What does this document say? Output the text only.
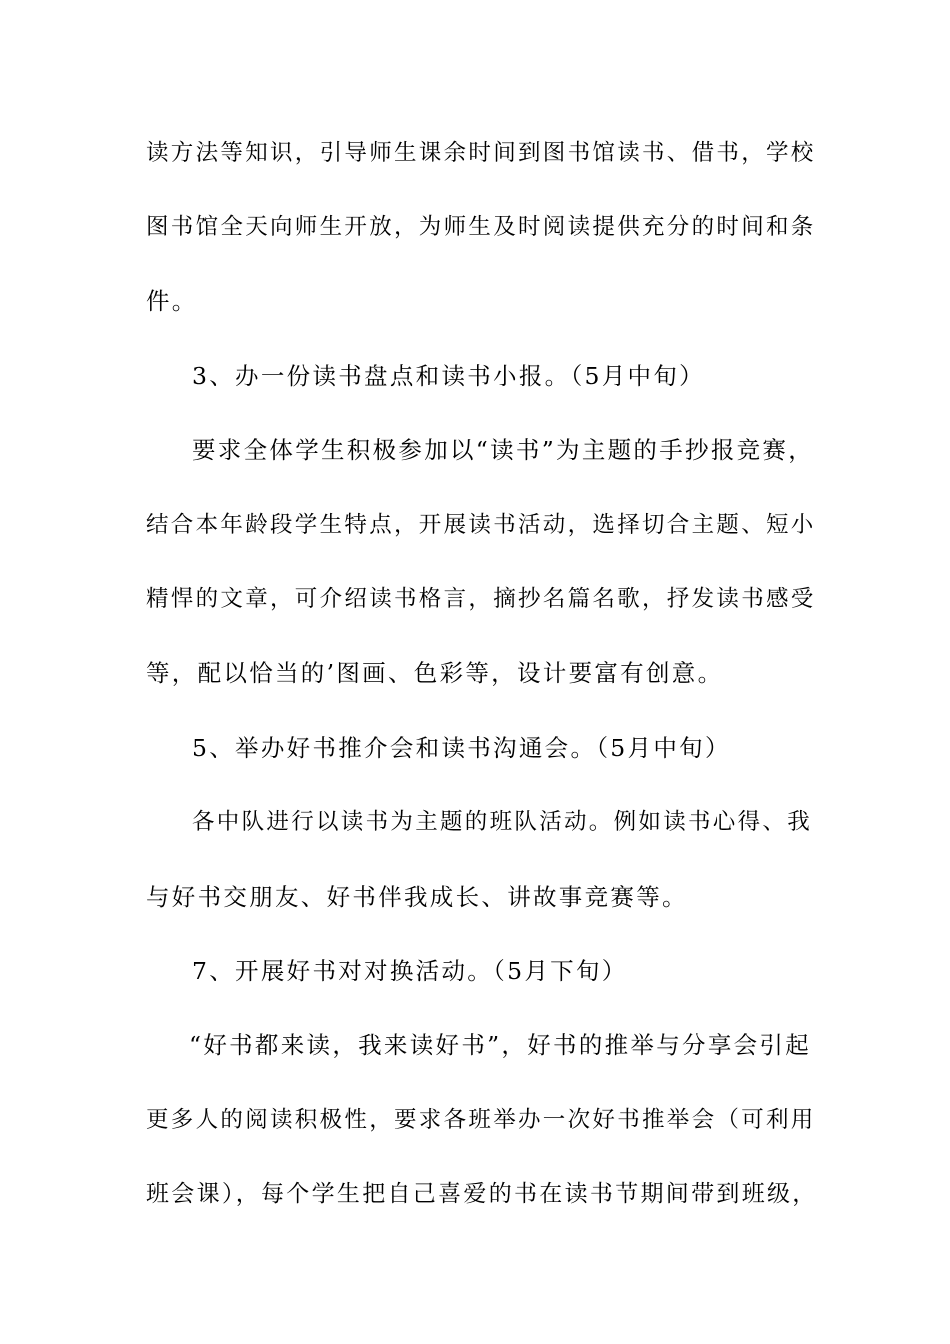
读方法等知识，引导师生课余时间到图书馆读书、借书，学校
图书馆全天向师生开放，为师生及时阅读提供充分的时间和条
件。
3、办一份读书盘点和读书小报。（5月中旬）
要求全体学生积极参加以“读书”为主题的手抄报竞赛，
结合本年龄段学生特点，开展读书活动，选择切合主题、短小
精悍的文章，可介绍读书格言，摘抄名篇名歌，抒发读书感受
等，配以恰当的’图画、色彩等，设计要富有创意。
5、举办好书推介会和读书沟通会。（5月中旬）
各中队进行以读书为主题的班队活动。例如读书心得、我
与好书交朋友、好书伴我成长、讲故事竞赛等。
7、开展好书对对换活动。（5月下旬）
“好书都来读，我来读好书”，好书的推举与分享会引起
更多人的阅读积极性，要求各班举办一次好书推举会（可利用
班会课），每个学生把自己喜爱的书在读书节期间带到班级，
